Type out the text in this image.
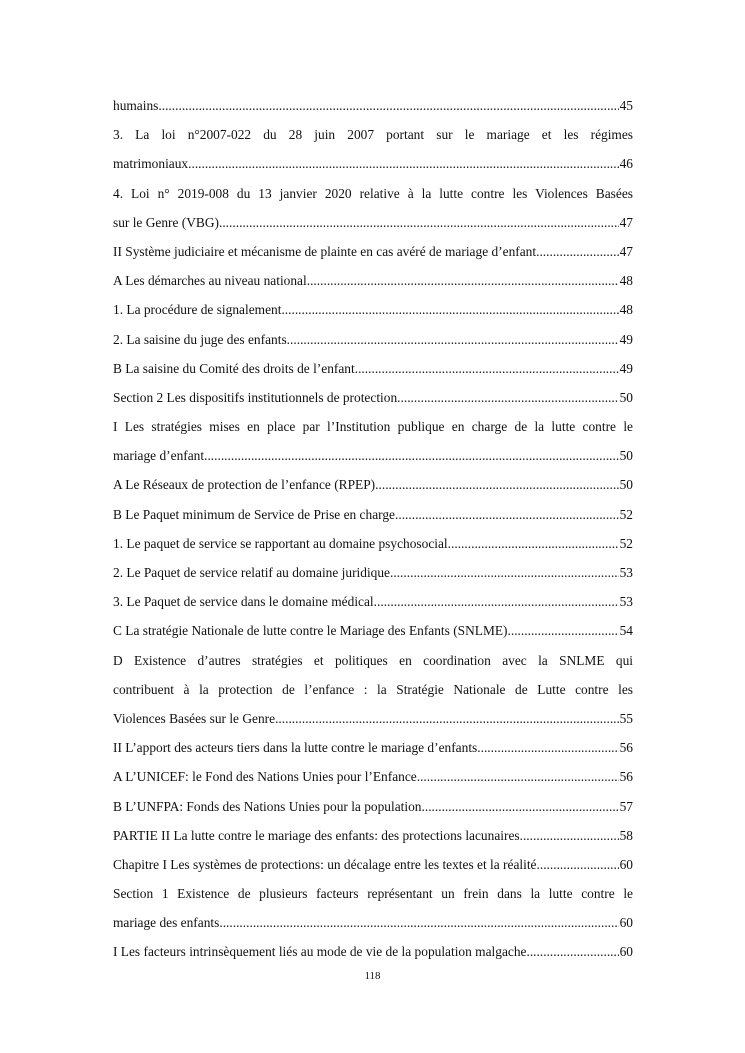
humains .....	45
3. La loi n°2007-022 du 28 juin 2007 portant sur le mariage et les régimes
matrimoniaux .....	46
4. Loi n° 2019-008 du 13 janvier 2020 relative à la lutte contre les Violences Basées
sur le Genre (VBG) .....	47
II Système judiciaire et mécanisme de plainte en cas avéré de mariage d’enfant .....	47
A Les démarches au niveau national .....	48
1. La procédure de signalement .....	48
2. La saisine du juge des enfants .....	49
B La saisine du Comité des droits de l’enfant .....	49
Section 2 Les dispositifs institutionnels de protection .....	50
I Les stratégies mises en place par l’Institution publique en charge de la lutte contre le
mariage d’enfant .....	50
A Le Réseaux de protection de l’enfance (RPEP) .....	50
B Le Paquet minimum de Service de Prise en charge .....	52
1. Le paquet de service se rapportant au domaine psychosocial .....	52
2. Le Paquet de service relatif au domaine juridique .....	53
3. Le Paquet de service dans le domaine médical .....	53
C La stratégie Nationale de lutte contre le Mariage des Enfants (SNLME) .....	54
D Existence d’autres stratégies et politiques en coordination avec la SNLME qui
contribuent à la protection de l’enfance : la Stratégie Nationale de Lutte contre les
Violences Basées sur le Genre .....	55
II L’apport des acteurs tiers dans la lutte contre le mariage d’enfants .....	56
A L’UNICEF: le Fond des Nations Unies pour l’Enfance .....	56
B L’UNFPA: Fonds des Nations Unies pour la population .....	57
PARTIE II La lutte contre le mariage des enfants: des protections lacunaires .....	58
Chapitre I Les systèmes de protections: un décalage entre les textes et la réalité .....	60
Section 1 Existence de plusieurs facteurs représentant un frein dans la lutte contre le
mariage des enfants .....	60
I Les facteurs intrinsèquement liés au mode de vie de la population malgache .....	60
118
